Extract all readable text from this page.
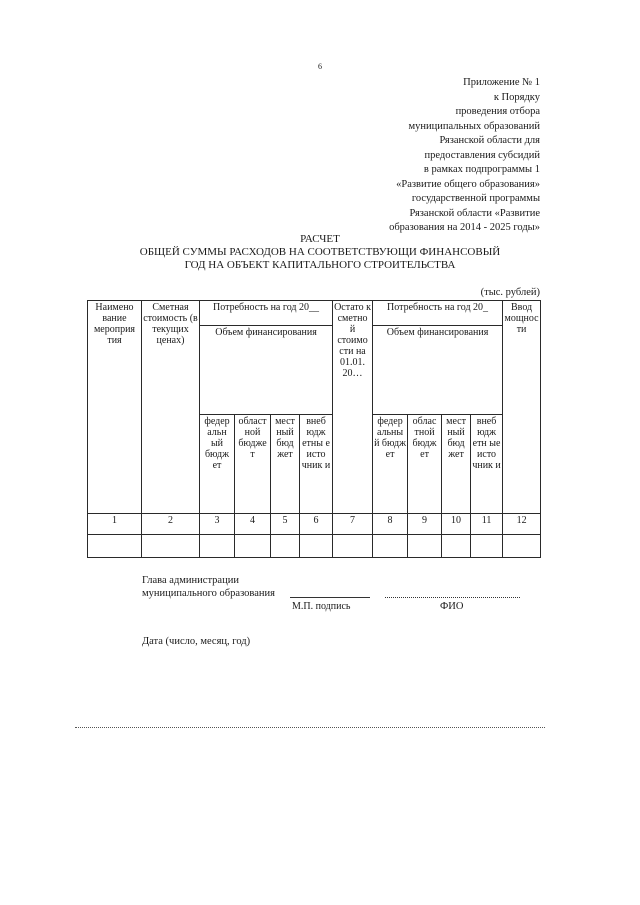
6
Приложение № 1
к Порядку
проведения отбора
муниципальных образований
Рязанской области для
предоставления субсидий
в рамках подпрограммы 1
«Развитие общего образования»
государственной программы
Рязанской области «Развитие
образования на 2014 - 2025 годы»
РАСЧЕТ
ОБЩЕЙ СУММЫ РАСХОДОВ НА СООТВЕТСТВУЮЩИ ФИНАНСОВЫЙ
ГОД НА ОБЪЕКТ КАПИТАЛЬНОГО СТРОИТЕЛЬСТВА
(тыс. рублей)
Наимено вание мероприя тия	Сметная стоимость (в текущих ценах)	Потребность на год 20__				Остато к сметно й стоимо сти на 01.01. 20…	Потребность на год 20_				Ввод мощнос ти
		Объем финансирования					Объем финансирования				
		федер альн ый бюдж ет	област ной бюдже т	мест ный бюд жет	внеб юдж етны е исто чник и		федер альны й бюдж ет	облас тной бюдж ет	мест ный бюд жет	внеб юдж етн ые исто чник и	
1	2	3	4	5	6	7	8	9	10	11	12

Глава администрации
муниципального образования
М.П. подпись	ФИО
Дата (число, месяц, год)
